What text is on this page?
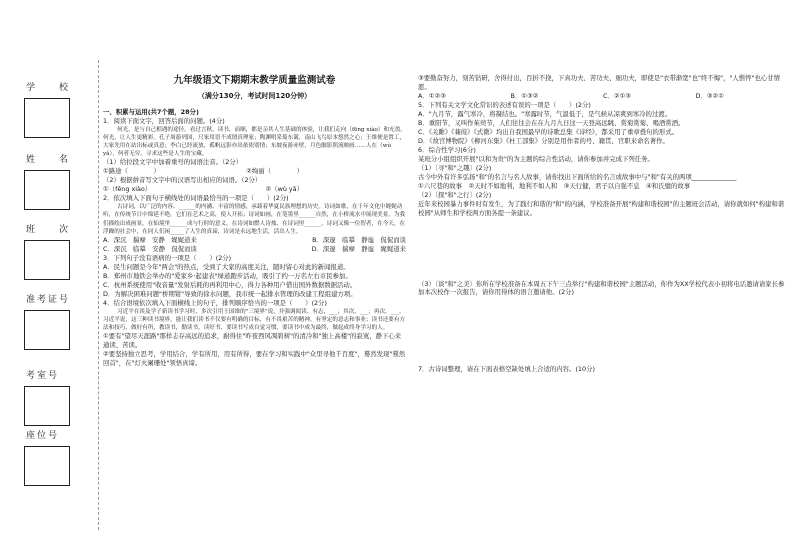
学　　校
姓　　名
班　　次
准考证号
考室号
座位号
九年级语文下期期末教学质量监测试卷
（满分130分，考试时间120分钟）
一、积累与运用(共7个题，28分)

1．阅读下面文字，回答后面的问题。(4分)

何光，是与自己相遇的途径。看过言秋，读书，而顺，都是亲其人生基础的体验，让我们走向（fēng xiào）和充盈。何光，让人生更精彩。孔子周游列国，尺家用语不成谓真理家；陶渊明采菊东篱，南山飞鸟原本悠然之心；王维便是置工，大家先用在站出标或真意；李白已经流放，孤帆远影亦出依依别情；东坡夜游赤壁，月色幽影照流映画……人在（wù yǎ），何者无穷，寻求这些是人生的宝藏。

（1）给拉段文字中加着重号的词语注音。（2分）

①路途（　　　　）	②绚丽（　　　　）

（2）根据拼音写文字中的汉语写出相应的词语。（2分）

①（fēng xiào）	②（wù yǎ）

2．依次填入下面句子横线处的词语最恰当的一项是（　　）(2分)

古诗词，以广泛的内容、______的内涵、丰富的情感，承载着华夏民族理想的历史。诗词如歌，在千年文化中娓娓动听，在传统节日中绵延不绝。它们在艺术之高，使人开拓；诗词如画，在笔墨里______自然，在小桥流水中展现美景。为我们描绘出成画景，在仙境里______成与行时的意义。在诗词如燃人诗烛，在诗词里______，诗词又像一位智者，在今天，在浮躁的社会中，在同人们闲_____了人生的真谛，诗词是永远地生活，活出人生。

A．深沉　揣摩　安静　娓娓道来	B．深邃　临摹　静谧　侃侃而谈
C．深沉　临摹　安静　侃侃而谈	D．深邃　揣摩　静谧　娓娓道来

3．下列句子没有语病的一项是（　　）(2分)

A．民生问题是今年"两会"的热点，受到了大家的高度关注，随时留心对此的新闻报道。

B．郑州市地铁会举办的"爱家乡·起建表"绿道跑步活动，吸引了约一万名左右市民参加。

C．杭州系统使用"收音量"发射后耗的再利用中心，得力各种用户借出国外数据数据活动。

D．为解决困难问题"桥期钳"导致的徐水问题，我市统一起排水管理的改建工程组建方项。

4．结合语境依次填入下面横线上的句子，排列顺序恰当的一项是（　　）(2分)

习近平在谈及学子新读书学习时，多次引用王国维的"三境界"说，并强调阅读、有志，___；其次，___；再次，___。习近平说，这三种读书境界，能让我们读书不仅要有明确的目标，有不畏艰苦的精神，有坚定的意志和事业；读书还要有方法和技巧，做好有所，教读书，勤读书，读好书，要读书写成自觉习惯，要读书中成为最终，做起成终身学习的人。

①要有"望尽天涯路"那样志存高远的追求，耐得住"昨夜西风凋碧树"的清冷和"独上高楼"的寂寞，静下心来通读、苦读。

②要坚持独立思考，学用结合，学有所用，用有所得，要在学习和实践中"众里寻他千百度"，蓦然发现"蓦然回首"，在"灯火阑珊处"领悟真谛。

③要勤奋努力，刻苦钻研，舍得付出，百折不挠，下真功夫、苦功夫、细功夫，即使是"衣带渐宽"也"终不悔"，"人憔悴"也心甘情愿。

A．①②③	B．①③②	C．②①③	D．③②①

5．下列有关文学文化常识的表述有误的一项是（　　）(2分)

A．"九月节，露气寒冷，将凝结也。"寒露时节，气温低于，是气候从凉爽到寒冷的过渡。

B．重阳节，又叫作茱萸节，人们往往会在在九月九日这一天登高远眺、赏菊赏菊、喝酒赏酒。

C．《关雎》《蒹葭》《式微》均出自我国最早的诗歌总集《诗经》，都采用了重章叠句的形式。

D．《故宫博物院》《柳河东集》《杜工部集》分别是用作者的号、籍贯、官职来命名著作。

6．综合性学习(6分)

某班分小组组织开展"以和为贵"的为主题的综合性活动，请你参加并完成下列任务。

（1）〔寻"和"之趣〕(2分)

古今中外有许多弘扬"和"的名言与名人故事，请你找出下面所给的名言或故事中与"和"有关的两项______________

①六尺巷的故事　②天时不如地利，地利不如人和　③天行健，君子以自强不息　④和氏璧的故事

（2）〔探"和"之行〕(2分)

近年来校园暴力事件时有发生，为了践行和谐的"和"的内涵，学校准备开展"构建和谐校园"的主题班会活动，请你就如何"构建和谐校园"从师生和学校两方面各提一条建议。

（3）〔谈"和"之美〕你所在学校准备在本周五下午三点举行"构建和谐校园"主题活动，你作为XX学校代表小初将电话邀请请家长参加本次校作一次报告，请你用得体的语言邀请他。(2分)

7．古诗词整理，请在下面表格空缺处填上合适的内容。(10分)
